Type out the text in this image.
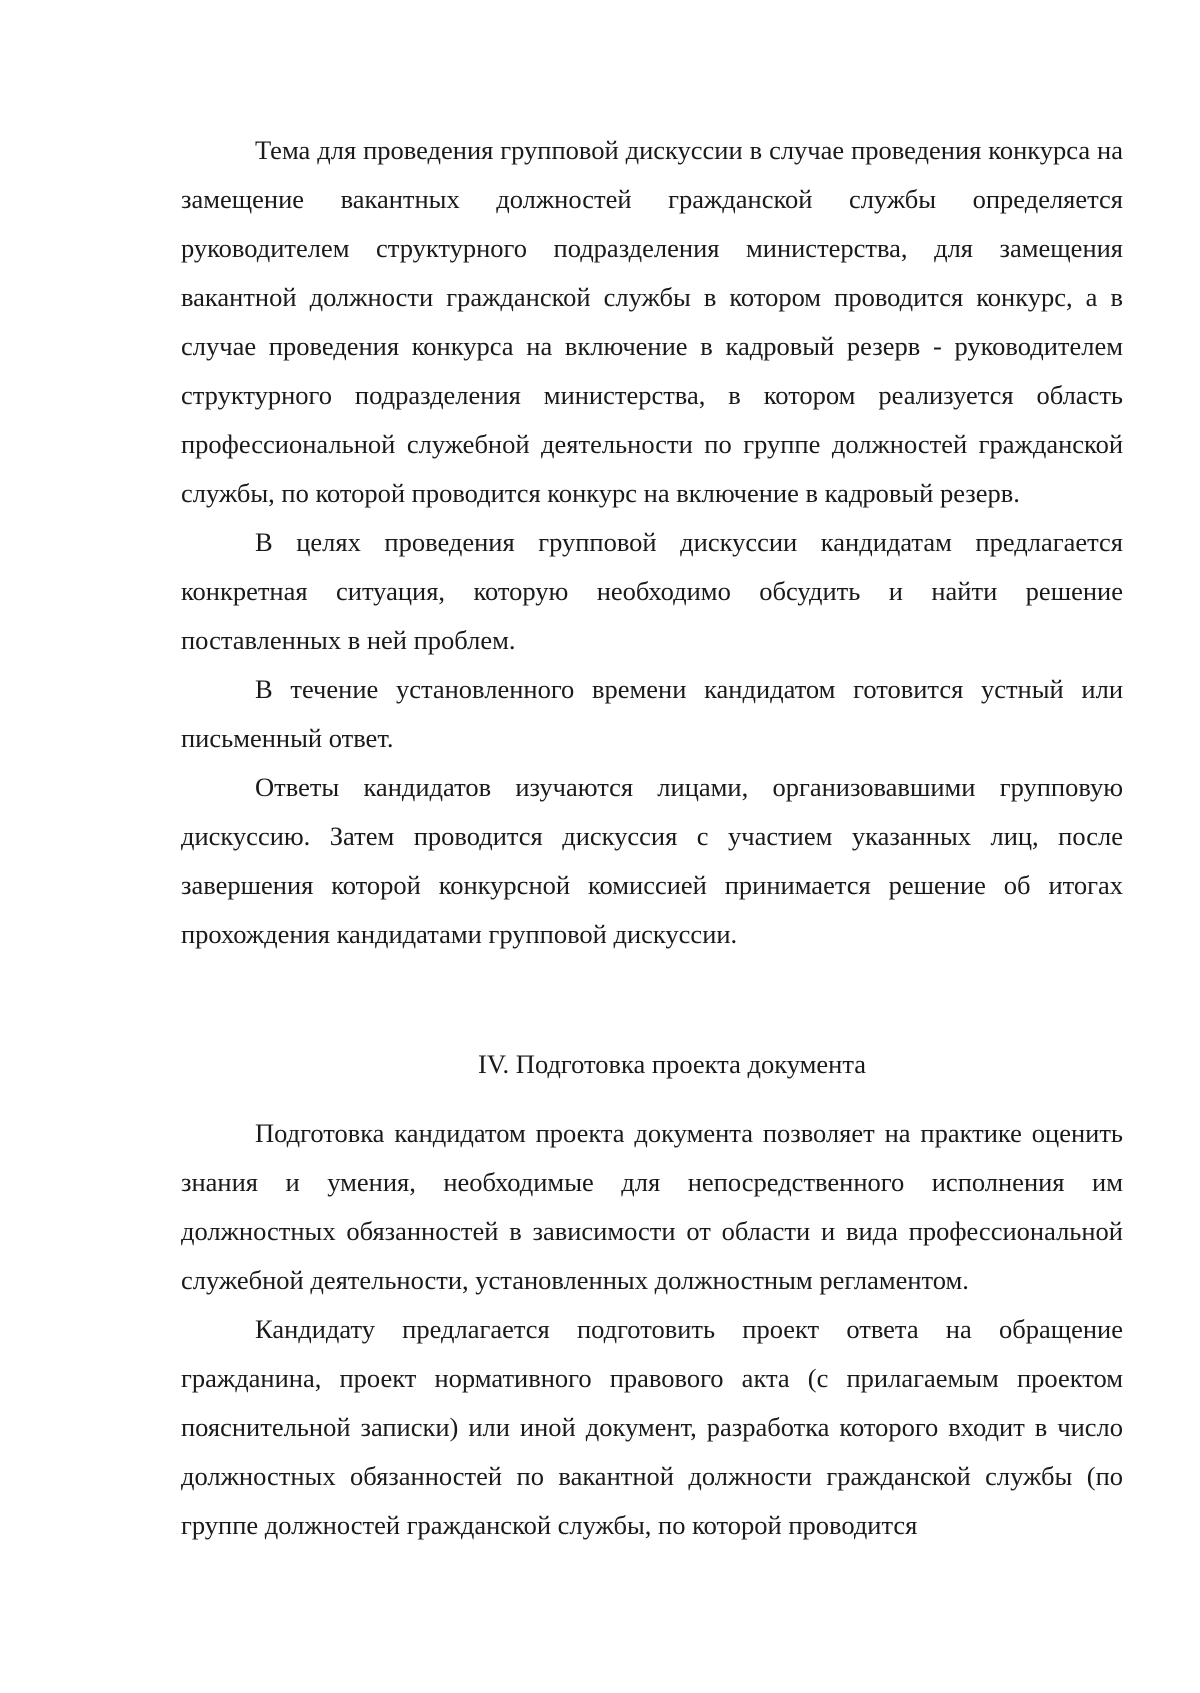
Тема для проведения групповой дискуссии в случае проведения конкурса на замещение вакантных должностей гражданской службы определяется руководителем структурного подразделения министерства, для замещения вакантной должности гражданской службы в котором проводится конкурс, а в случае проведения конкурса на включение в кадровый резерв - руководителем структурного подразделения министерства, в котором реализуется область профессиональной служебной деятельности по группе должностей гражданской службы, по которой проводится конкурс на включение в кадровый резерв.

В целях проведения групповой дискуссии кандидатам предлагается конкретная ситуация, которую необходимо обсудить и найти решение поставленных в ней проблем.

В течение установленного времени кандидатом готовится устный или письменный ответ.

Ответы кандидатов изучаются лицами, организовавшими групповую дискуссию. Затем проводится дискуссия с участием указанных лиц, после завершения которой конкурсной комиссией принимается решение об итогах прохождения кандидатами групповой дискуссии.

IV. Подготовка проекта документа

Подготовка кандидатом проекта документа позволяет на практике оценить знания и умения, необходимые для непосредственного исполнения им должностных обязанностей в зависимости от области и вида профессиональной служебной деятельности, установленных должностным регламентом.

Кандидату предлагается подготовить проект ответа на обращение гражданина, проект нормативного правового акта (с прилагаемым проектом пояснительной записки) или иной документ, разработка которого входит в число должностных обязанностей по вакантной должности гражданской службы (по группе должностей гражданской службы, по которой проводится
